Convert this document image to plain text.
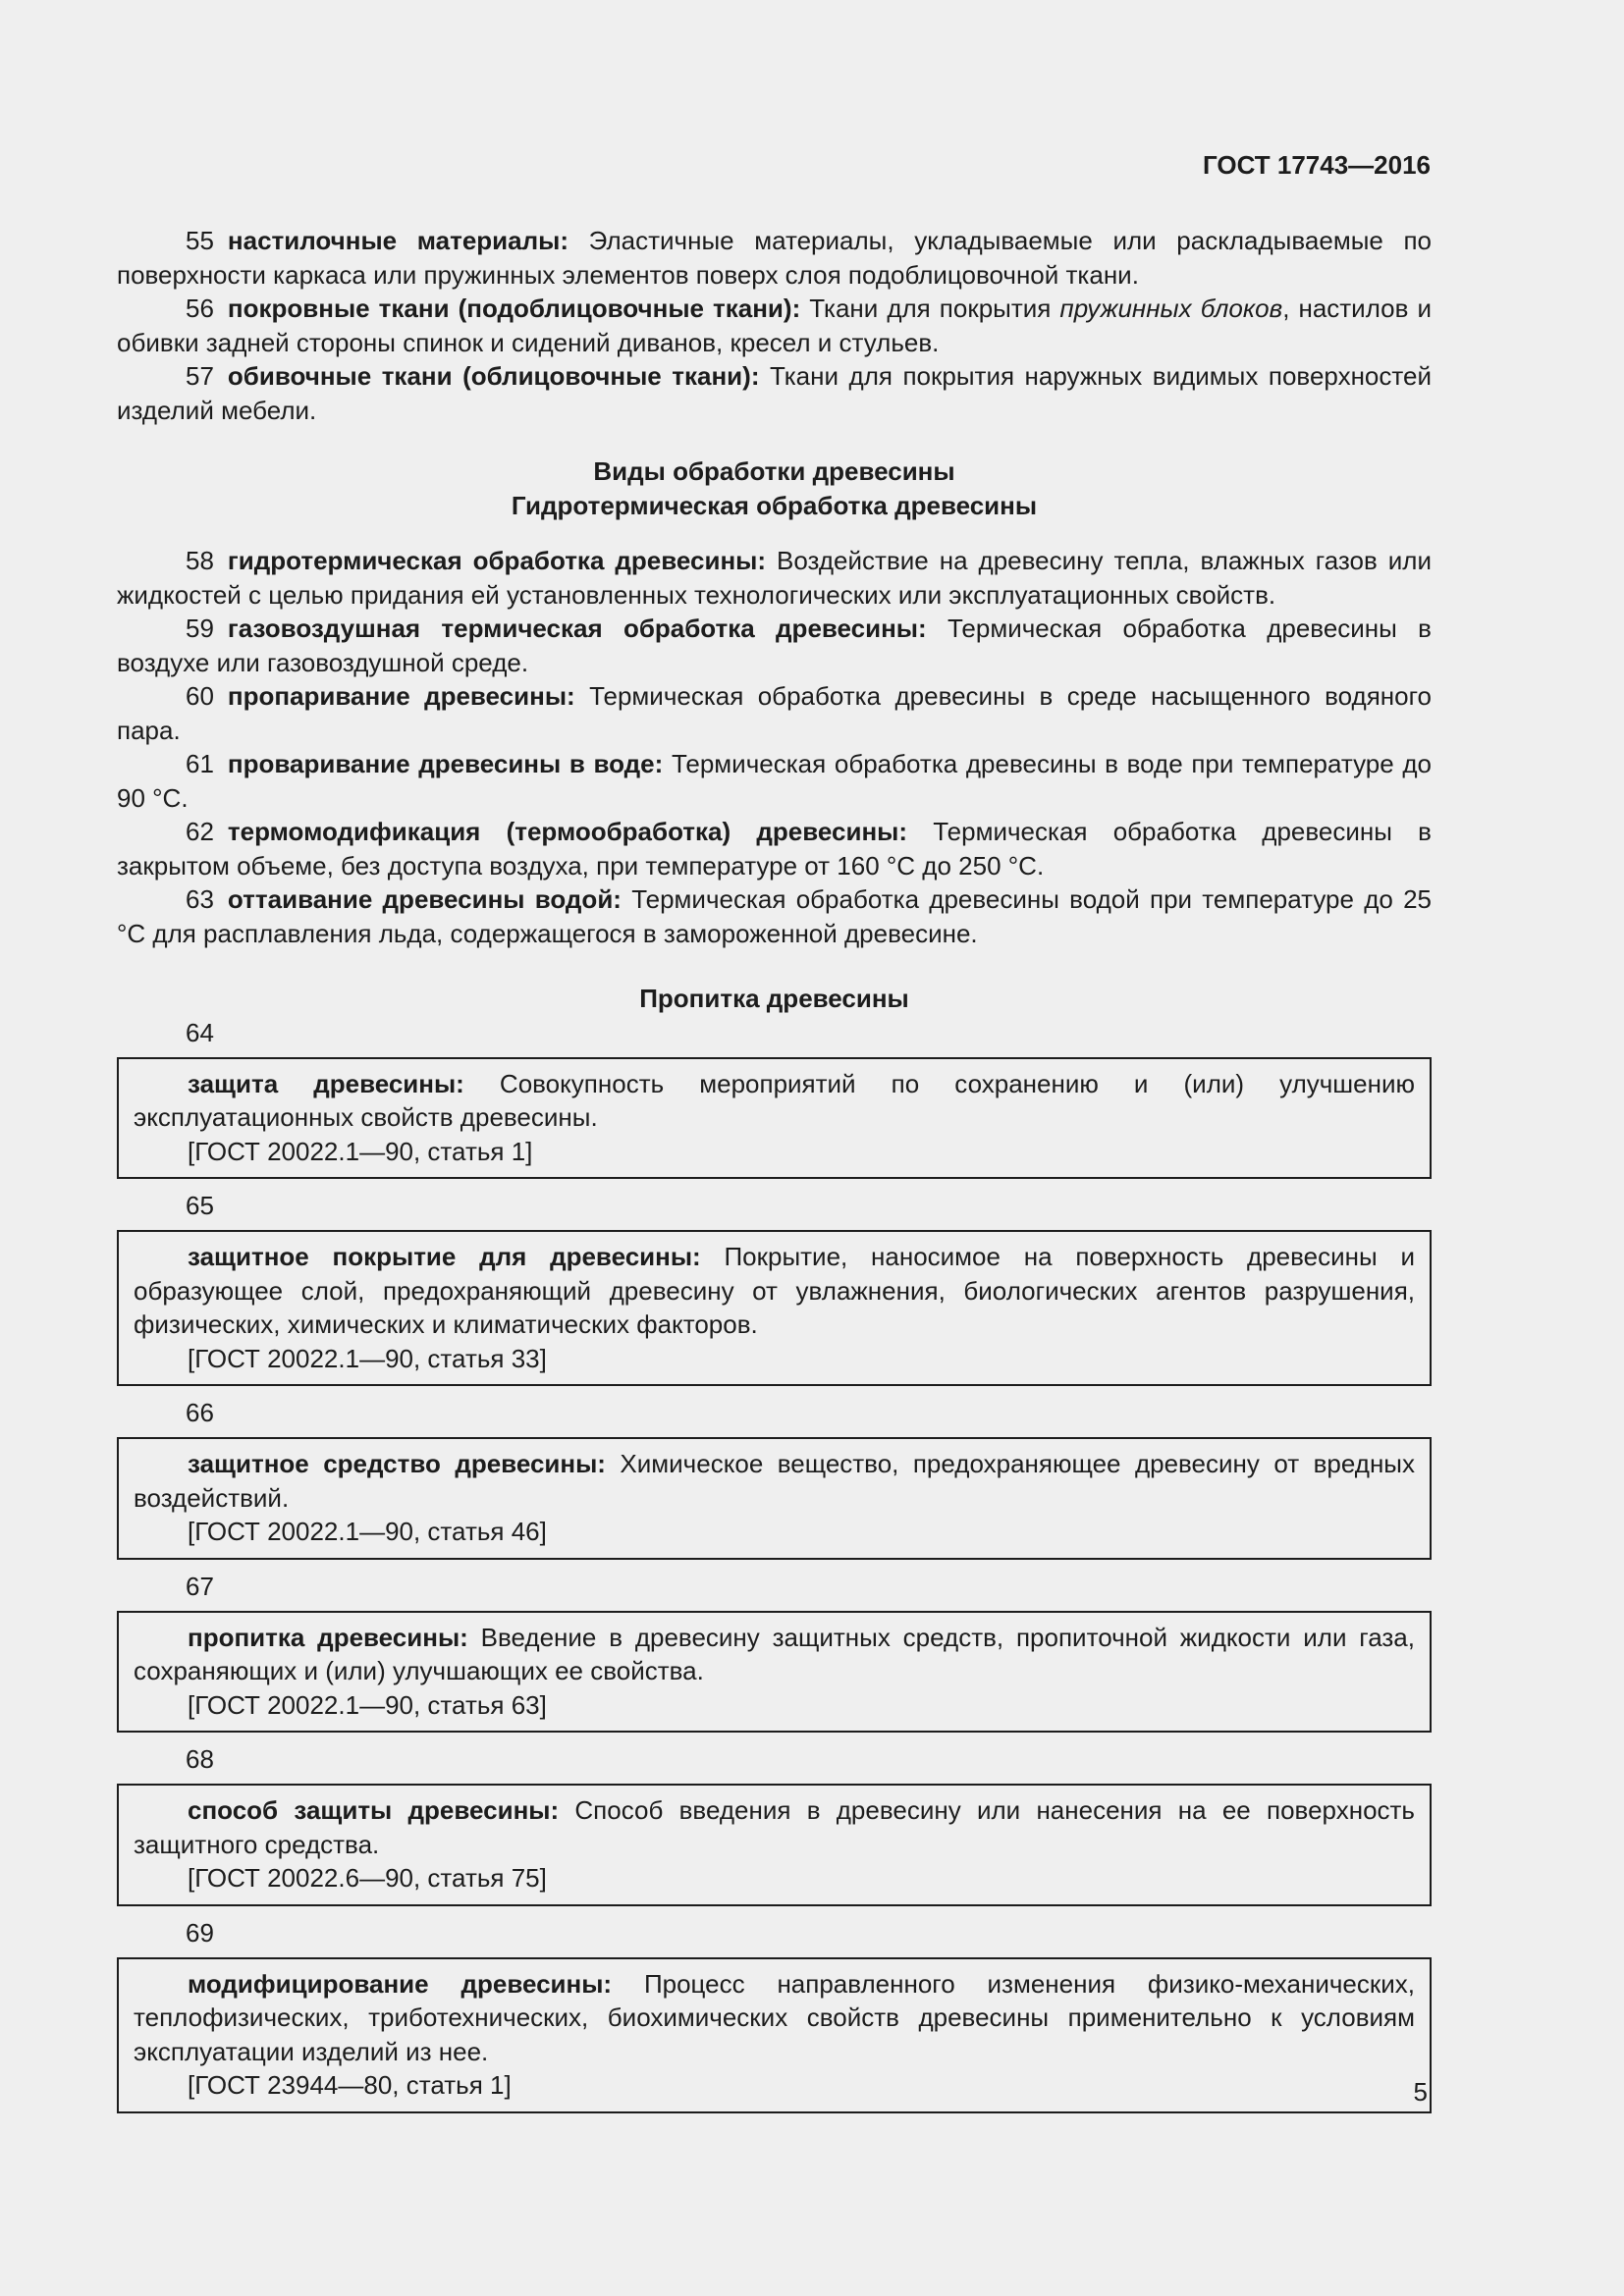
ГОСТ 17743—2016

55 настилочные материалы: Эластичные материалы, укладываемые или раскладываемые по поверхности каркаса или пружинных элементов поверх слоя подоблицовочной ткани.

56 покровные ткани (подоблицовочные ткани): Ткани для покрытия пружинных блоков, настилов и обивки задней стороны спинок и сидений диванов, кресел и стульев.

57 обивочные ткани (облицовочные ткани): Ткани для покрытия наружных видимых поверхностей изделий мебели.

Виды обработки древесины

Гидротермическая обработка древесины

58 гидротермическая обработка древесины: Воздействие на древесину тепла, влажных газов или жидкостей с целью придания ей установленных технологических или эксплуатационных свойств.

59 газовоздушная термическая обработка древесины: Термическая обработка древесины в воздухе или газовоздушной среде.

60 пропаривание древесины: Термическая обработка древесины в среде насыщенного водяного пара.

61 проваривание древесины в воде: Термическая обработка древесины в воде при температуре до 90 °C.

62 термомодификация (термообработка) древесины: Термическая обработка древесины в закрытом объеме, без доступа воздуха, при температуре от 160 °C до 250 °C.

63 оттаивание древесины водой: Термическая обработка древесины водой при температуре до 25 °C для расплавления льда, содержащегося в замороженной древесине.

Пропитка древесины

64

защита древесины: Совокупность мероприятий по сохранению и (или) улучшению эксплуатационных свойств древесины.

[ГОСТ 20022.1—90, статья 1]

65

защитное покрытие для древесины: Покрытие, наносимое на поверхность древесины и образующее слой, предохраняющий древесину от увлажнения, биологических агентов разрушения, физических, химических и климатических факторов.

[ГОСТ 20022.1—90, статья 33]

66

защитное средство древесины: Химическое вещество, предохраняющее древесину от вредных воздействий.

[ГОСТ 20022.1—90, статья 46]

67

пропитка древесины: Введение в древесину защитных средств, пропиточной жидкости или газа, сохраняющих и (или) улучшающих ее свойства.

[ГОСТ 20022.1—90, статья 63]

68

способ защиты древесины: Способ введения в древесину или нанесения на ее поверхность защитного средства.

[ГОСТ 20022.6—90, статья 75]

69

модифицирование древесины: Процесс направленного изменения физико-механических, теплофизических, триботехнических, биохимических свойств древесины применительно к условиям эксплуатации изделий из нее.

[ГОСТ 23944—80, статья 1]	5
